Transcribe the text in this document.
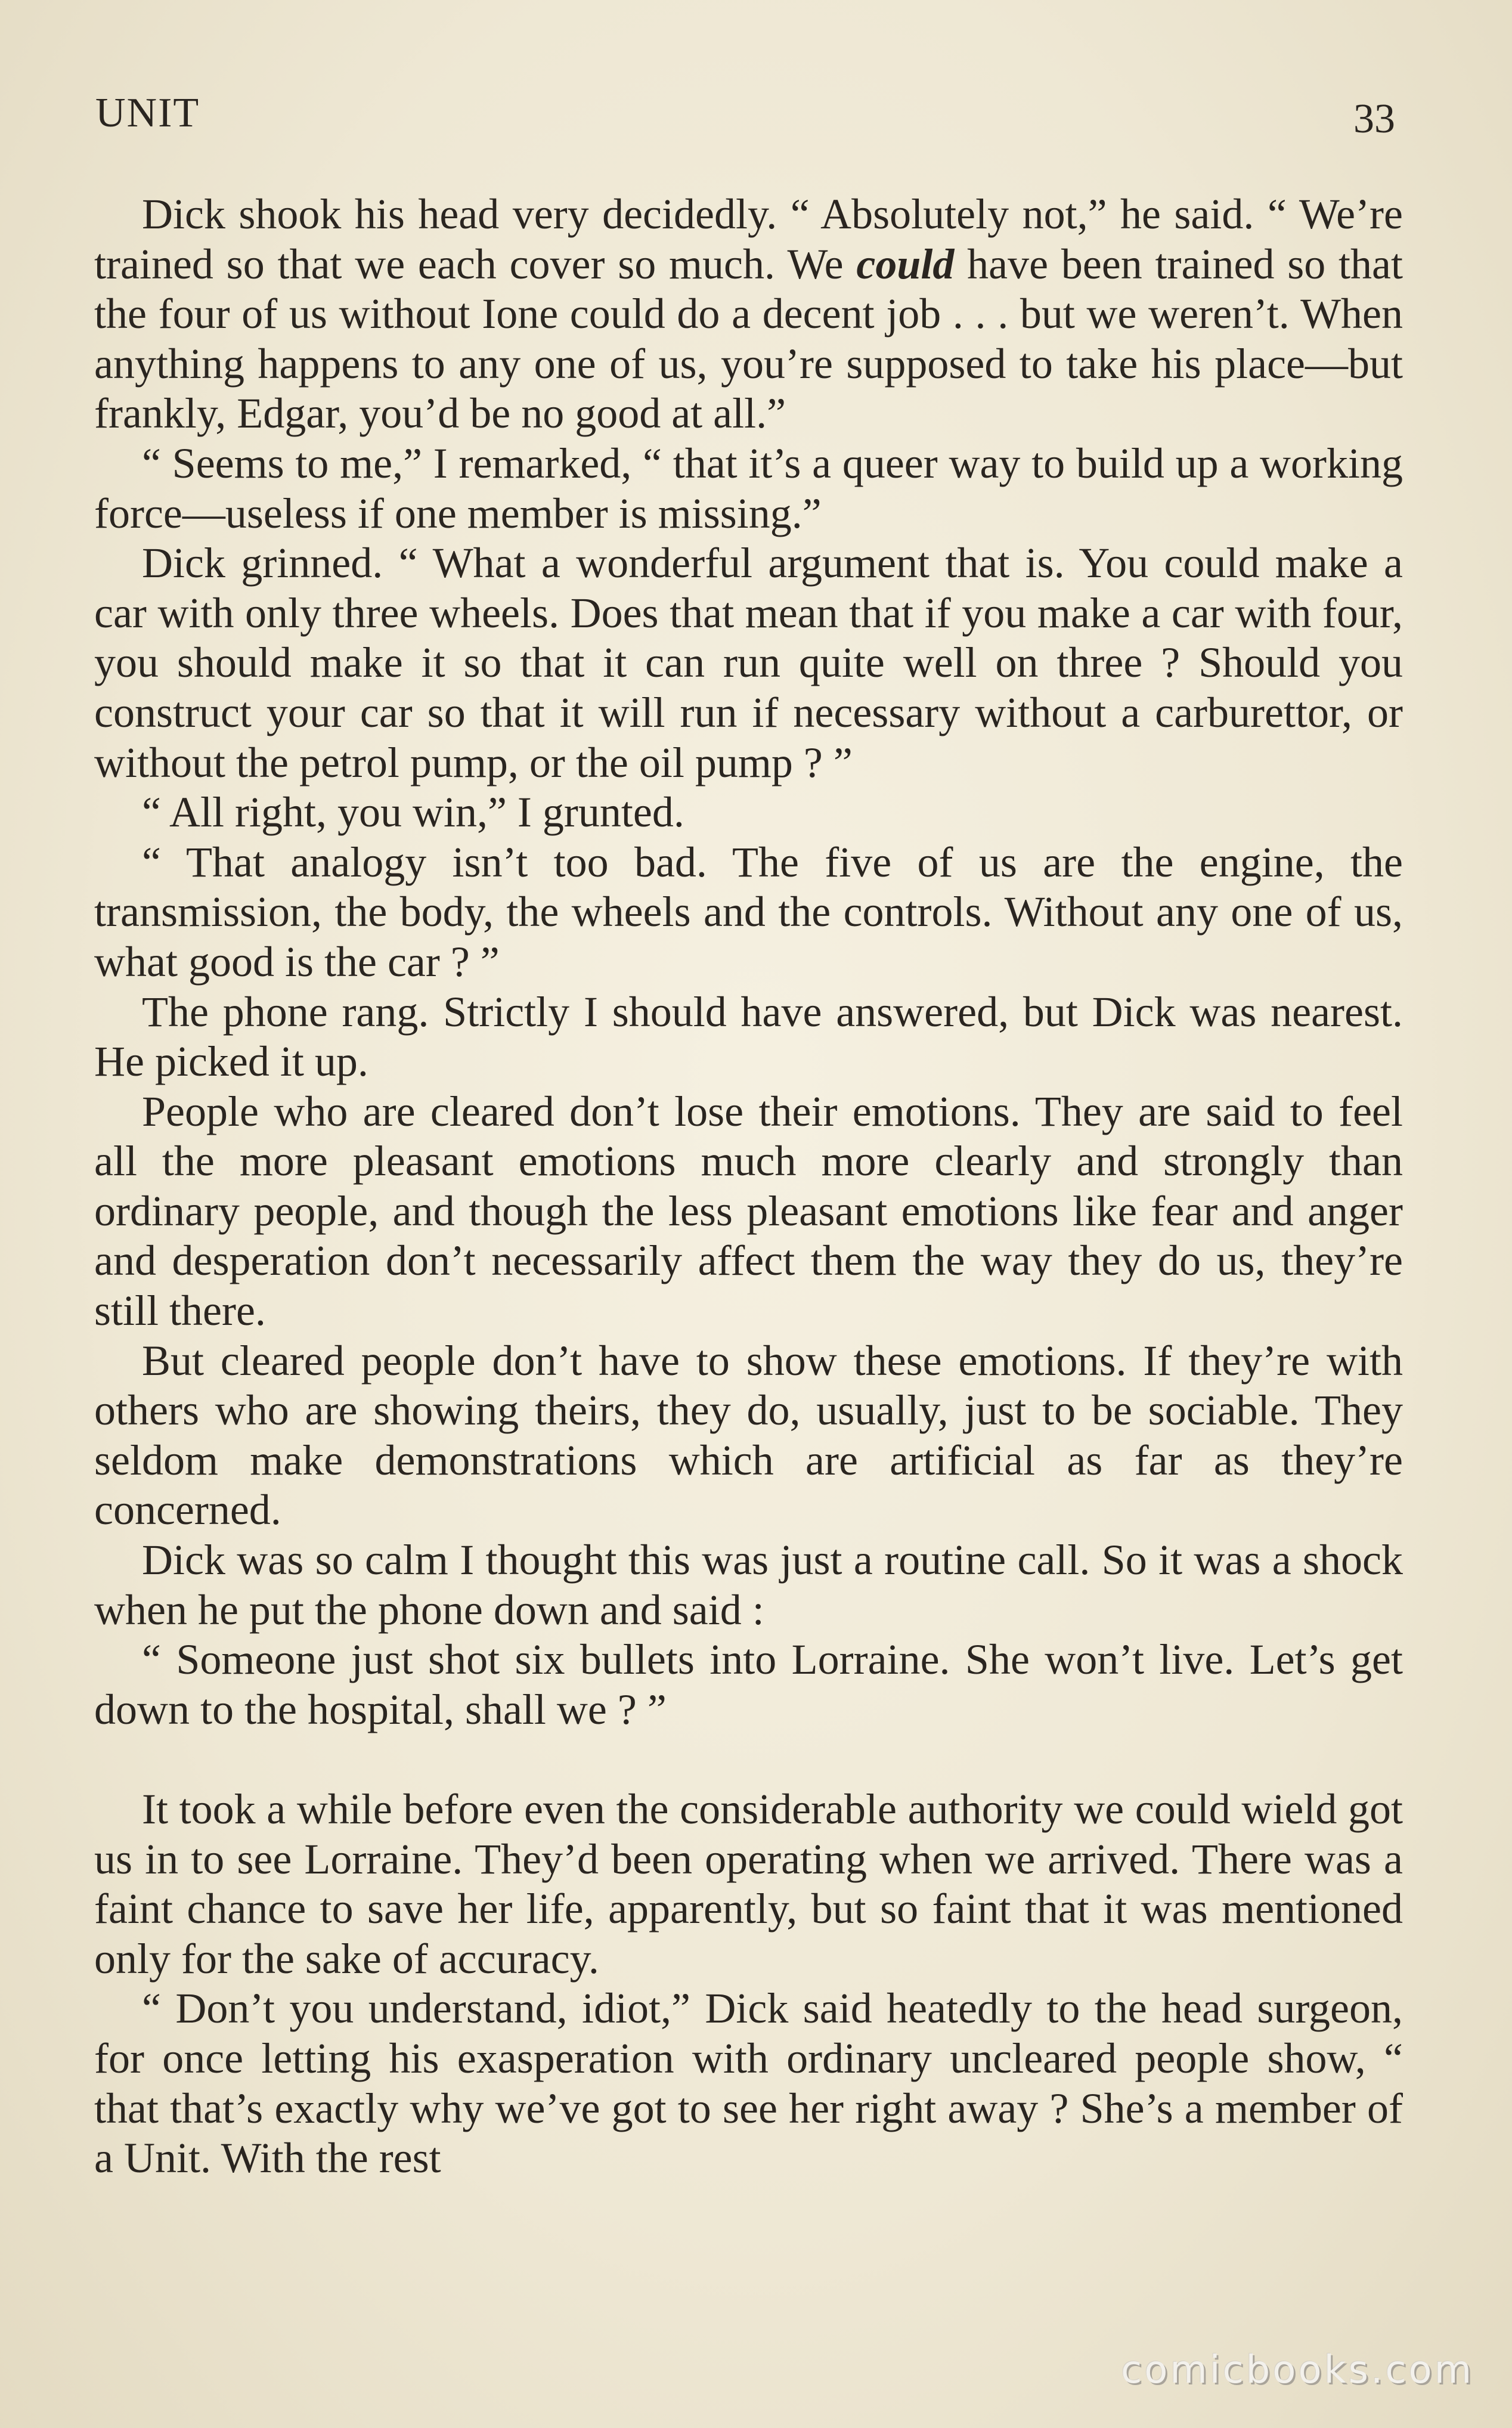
UNIT	33

Dick shook his head very decidedly. “ Absolutely not,” he said. “ We’re trained so that we each cover so much. We could have been trained so that the four of us without Ione could do a decent job . . . but we weren’t. When anything happens to any one of us, you’re supposed to take his place—but frankly, Edgar, you’d be no good at all.”

“ Seems to me,” I remarked, “ that it’s a queer way to build up a working force—useless if one member is missing.”

Dick grinned. “ What a wonderful argument that is. You could make a car with only three wheels. Does that mean that if you make a car with four, you should make it so that it can run quite well on three ? Should you construct your car so that it will run if necessary without a carburettor, or without the petrol pump, or the oil pump ? ”

“ All right, you win,” I grunted.

“ That analogy isn’t too bad. The five of us are the engine, the transmission, the body, the wheels and the controls. Without any one of us, what good is the car ? ”

The phone rang. Strictly I should have answered, but Dick was nearest. He picked it up.

People who are cleared don’t lose their emotions. They are said to feel all the more pleasant emotions much more clearly and strongly than ordinary people, and though the less pleasant emotions like fear and anger and desperation don’t necessarily affect them the way they do us, they’re still there.

But cleared people don’t have to show these emotions. If they’re with others who are showing theirs, they do, usually, just to be sociable. They seldom make demonstrations which are artificial as far as they’re concerned.

Dick was so calm I thought this was just a routine call. So it was a shock when he put the phone down and said :

“ Someone just shot six bullets into Lorraine. She won’t live. Let’s get down to the hospital, shall we ? ”

It took a while before even the considerable authority we could wield got us in to see Lorraine. They’d been operating when we arrived. There was a faint chance to save her life, apparently, but so faint that it was mentioned only for the sake of accuracy.

“ Don’t you understand, idiot,” Dick said heatedly to the head surgeon, for once letting his exasperation with ordinary uncleared people show, “ that that’s exactly why we’ve got to see her right away ? She’s a member of a Unit. With the rest

comicbooks.com
